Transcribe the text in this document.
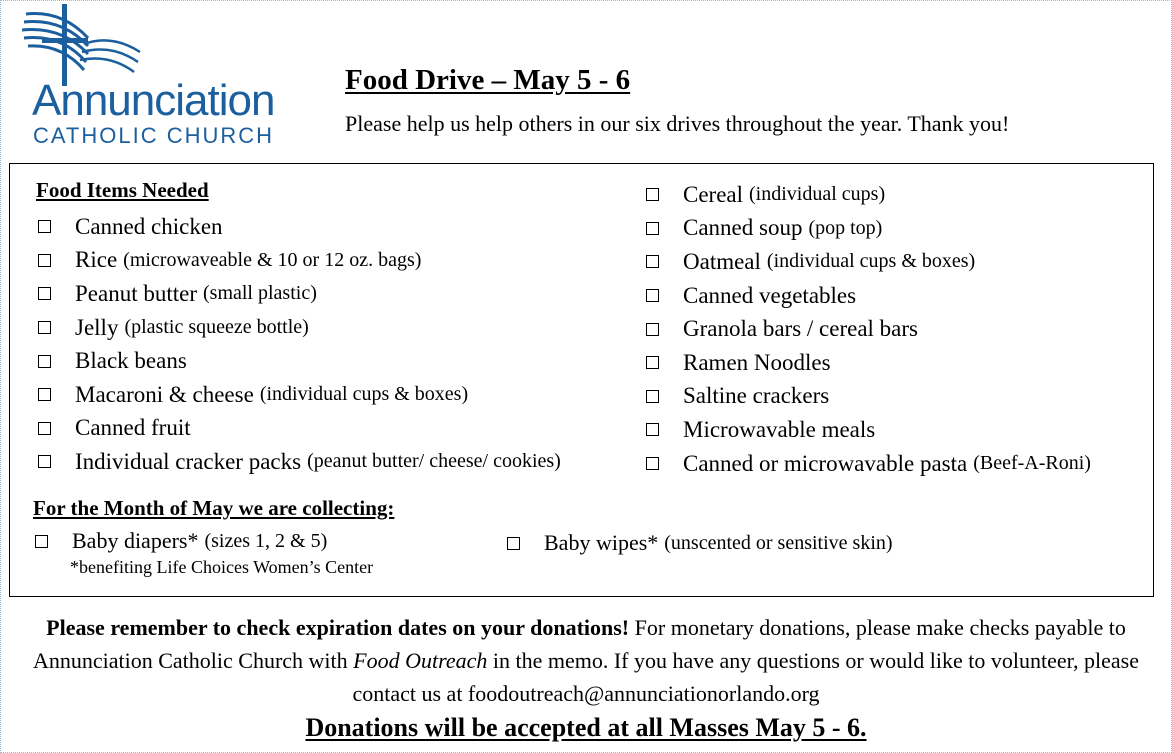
Annunciation
CATHOLIC CHURCH
Food Drive – May 5 - 6
Please help us help others in our six drives throughout the year. Thank you!
Food Items Needed
Canned chicken
Rice (microwaveable & 10 or 12 oz. bags)
Peanut butter (small plastic)
Jelly (plastic squeeze bottle)
Black beans
Macaroni & cheese (individual cups & boxes)
Canned fruit
Individual cracker packs (peanut butter/ cheese/ cookies)
Cereal (individual cups)
Canned soup (pop top)
Oatmeal (individual cups & boxes)
Canned vegetables
Granola bars / cereal bars
Ramen Noodles
Saltine crackers
Microwavable meals
Canned or microwavable pasta (Beef-A-Roni)
For the Month of May we are collecting:
Baby diapers* (sizes 1, 2 & 5)
*benefiting Life Choices Women’s Center
Baby wipes* (unscented or sensitive skin)
Please remember to check expiration dates on your donations! For monetary donations, please make checks payable to Annunciation Catholic Church with Food Outreach in the memo. If you have any questions or would like to volunteer, please contact us at foodoutreach@annunciationorlando.org
Donations will be accepted at all Masses May 5 - 6.
